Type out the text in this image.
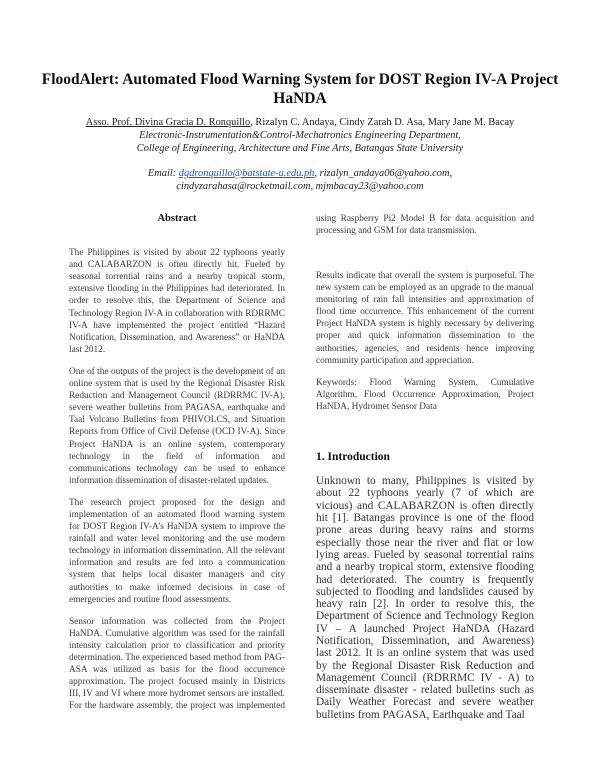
FloodAlert: Automated Flood Warning System for DOST Region IV-A Project HaNDA
Asso. Prof. Divina Gracia D. Ronquillo, Rizalyn C. Andaya, Cindy Zarah D. Asa, Mary Jane M. Bacay
Electronic-Instrumentation&Control-Mechatronics Engineering Department,
College of Engineering, Architecture and Fine Arts, Batangas State University
Email: dgdronquillo@batstate-u.edu.ph, rizalyn_andaya06@yahoo.com,
cindyzarahasa@rocketmail.com, mjmbacay23@yahoo.com
Abstract

The Philippines is visited by about 22 typhoons yearly and CALABARZON is often directly hit. Fueled by seasonal torrential rains and a nearby tropical storm, extensive flooding in the Philippines had deteriorated. In order to resolve this, the Department of Science and Technology Region IV-A in collaboration with RDRRMC IV-A have implemented the project entitled “Hazard Notification, Dissemination, and Awareness” or HaNDA last 2012.

One of the outputs of the project is the development of an online system that is used by the Regional Disaster Risk Reduction and Management Council (RDRRMC IV-A), severe weather bulletins from PAGASA, earthquake and Taal Volcano Bulletins from PHIVOLCS, and Situation Reports from Office of Civil Defense (OCD IV-A). Since Project HaNDA is an online system, contemporary technology in the field of information and communications technology can be used to enhance information dissemination of disaster-related updates.

The research project proposed for the design and implementation of an automated flood warning system for DOST Region IV-A’s HaNDA system to improve the rainfall and water level monitoring and the use modern technology in information dissemination. All the relevant information and results are fed into a communication system that helps local disaster managers and city authorities to make informed decisions in case of emergencies and routine flood assessments.

Sensor information was collected from the Project HaNDA. Cumulative algorithm was used for the rainfall intensity calculation prior to classification and priority determination. The experienced based method from PAG-ASA was utilized as basis for the flood occurrence approximation. The project focused mainly in Districts III, IV and VI where more hydromet sensors are installed. For the hardware assembly, the project was implemented

using Raspberry Pi2 Model B for data acquisition and processing and GSM for data transmission.

Results indicate that overall the system is purposeful. The new system can be employed as an upgrade to the manual monitoring of rain fall intensities and approximation of flood time occurrence. This enhancement of the current Project HaNDA system is highly necessary by delivering proper and quick information dissemination to the authorities, agencies, and residents hence improving community participation and appreciation.

Keywords: Flood Warning System, Cumulative Algorithm, Flood Occurrence Approximation, Project HaNDA, Hydromet Sensor Data

1. Introduction

Unknown to many, Philippines is visited by about 22 typhoons yearly (7 of which are vicious) and CALABARZON is often directly hit [1]. Batangas province is one of the flood prone areas during heavy rains and storms especially those near the river and flat or low lying areas. Fueled by seasonal torrential rains and a nearby tropical storm, extensive flooding had deteriorated. The country is frequently subjected to flooding and landslides caused by heavy rain [2]. In order to resolve this, the Department of Science and Technology Region IV – A launched Project HaNDA (Hazard Notification, Dissemination, and Awareness) last 2012. It is an online system that was used by the Regional Disaster Risk Reduction and Management Council (RDRRMC IV - A) to disseminate disaster - related bulletins such as Daily Weather Forecast and severe weather bulletins from PAGASA, Earthquake and Taal
